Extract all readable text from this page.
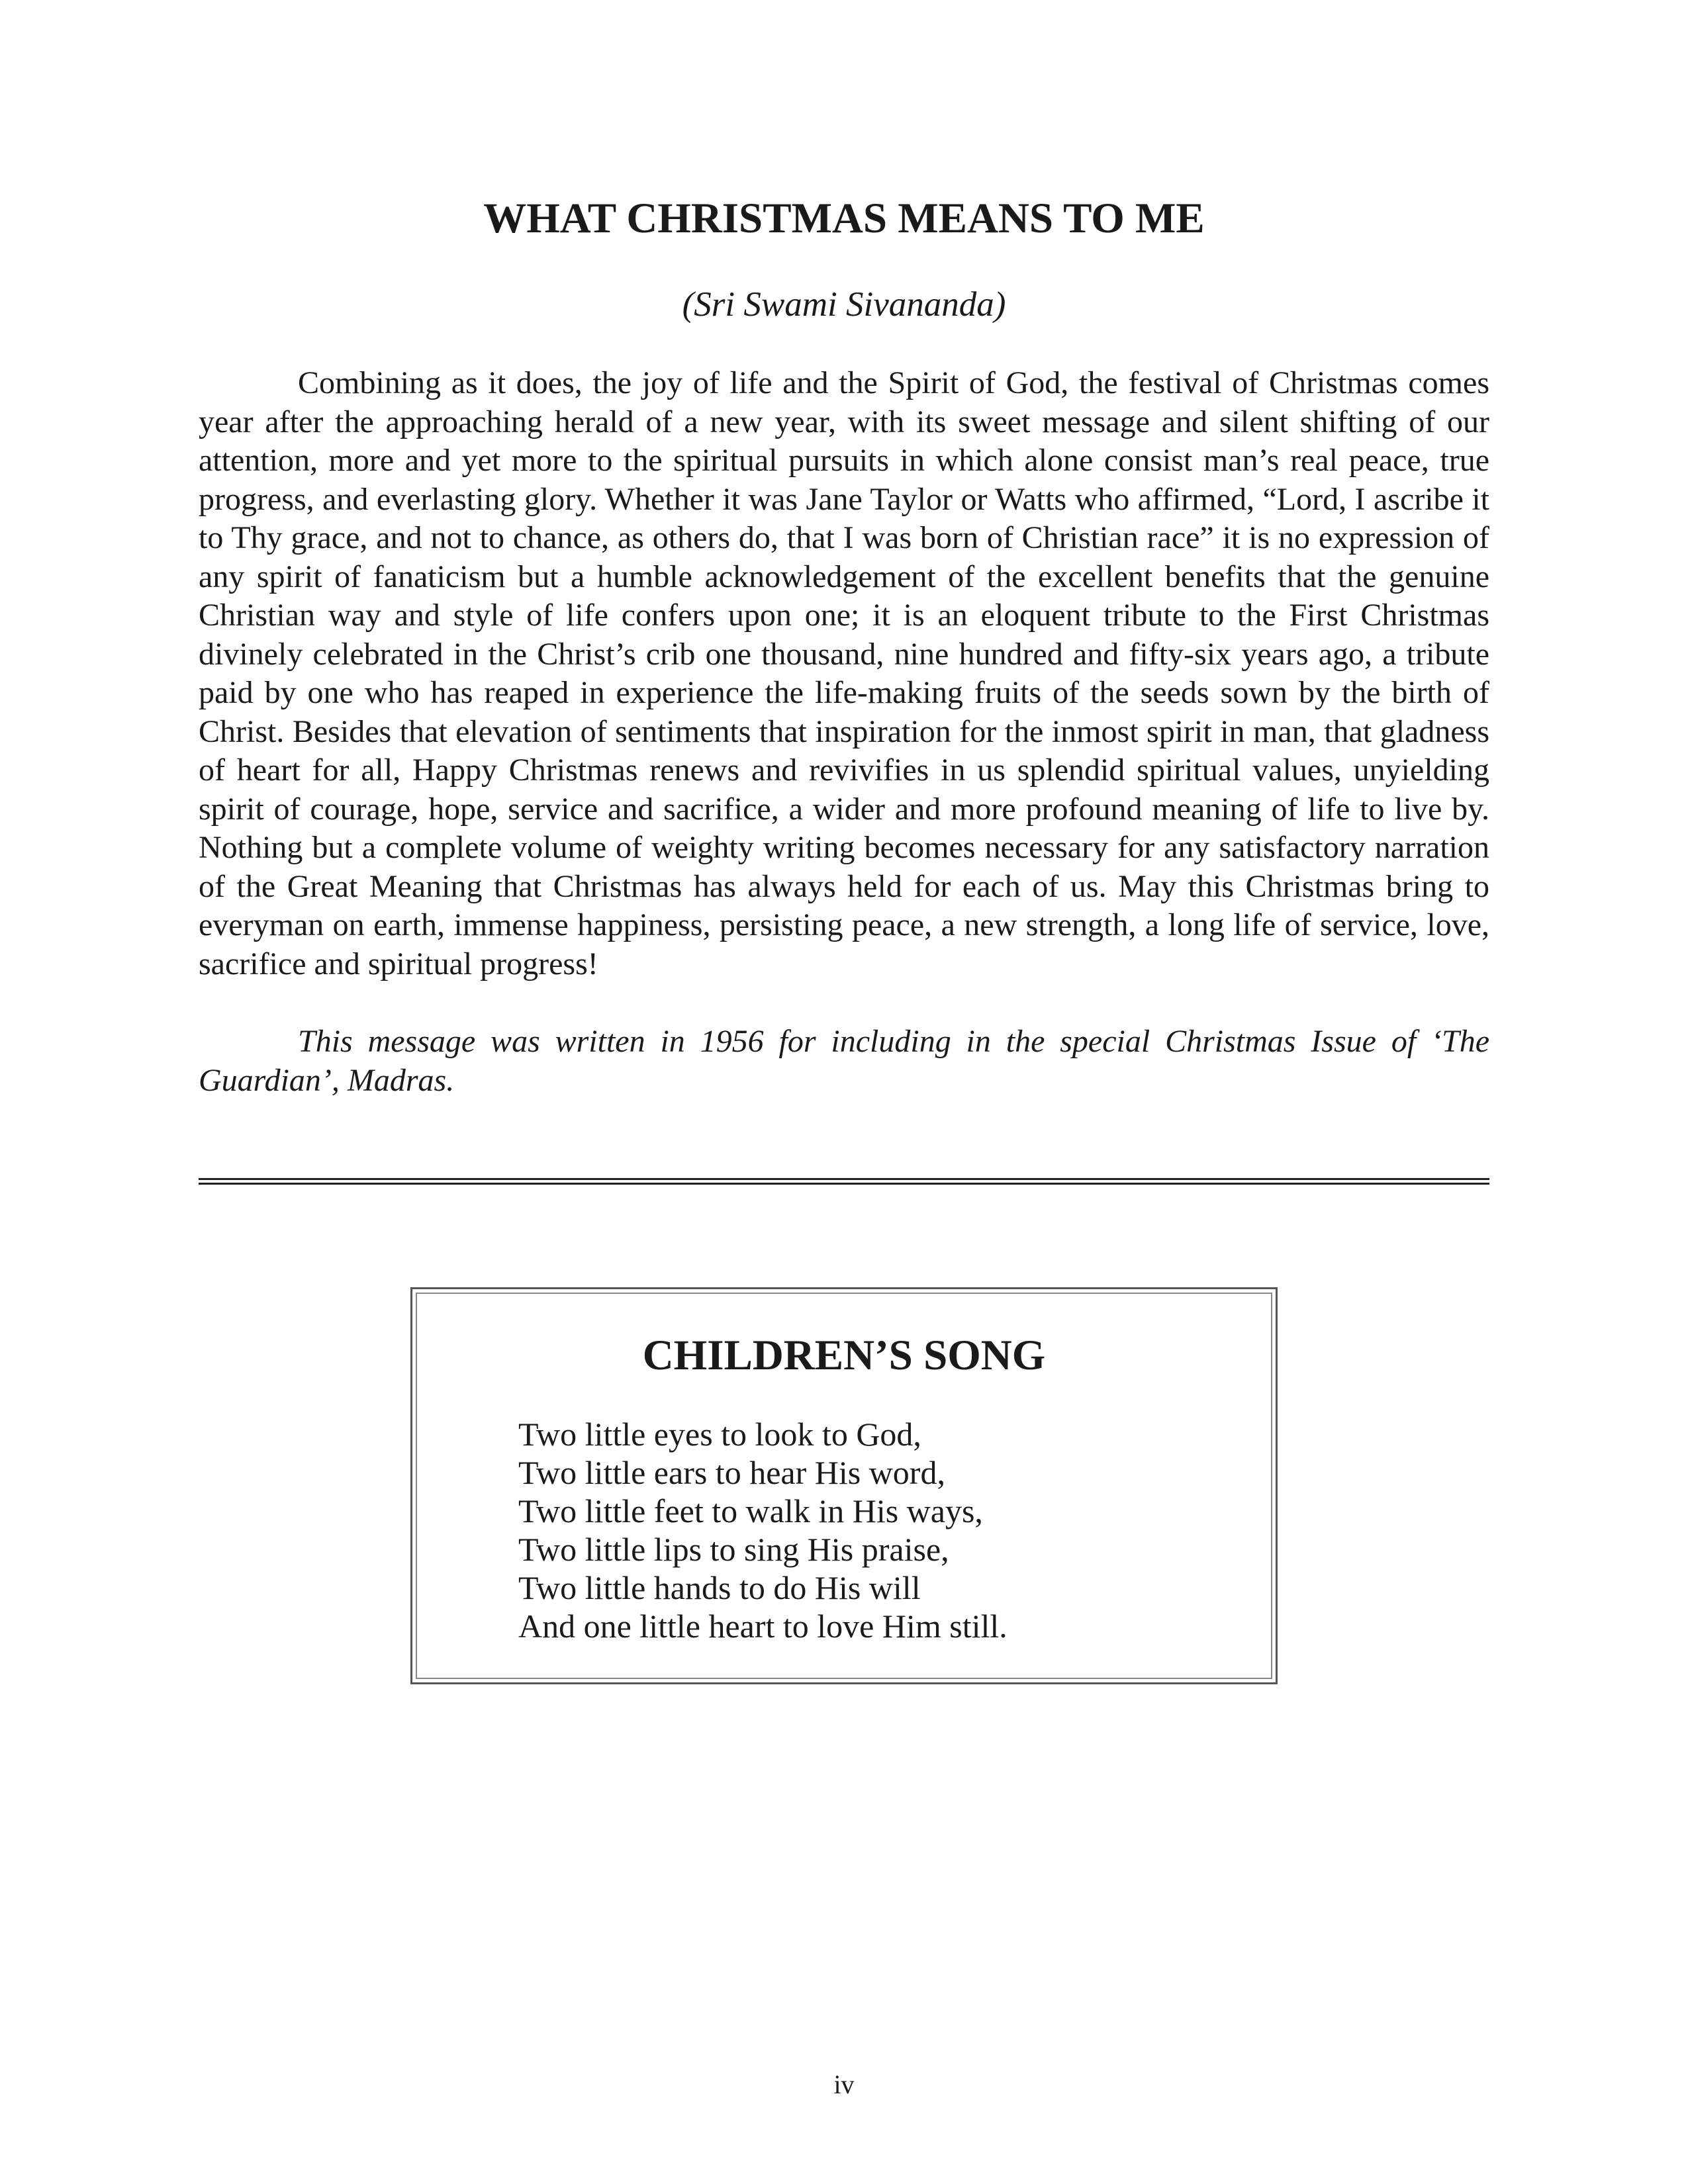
WHAT CHRISTMAS MEANS TO ME

(Sri Swami Sivananda)

Combining as it does, the joy of life and the Spirit of God, the festival of Christmas comes year after the approaching herald of a new year, with its sweet message and silent shifting of our attention, more and yet more to the spiritual pursuits in which alone consist man’s real peace, true progress, and everlasting glory. Whether it was Jane Taylor or Watts who affirmed, “Lord, I ascribe it to Thy grace, and not to chance, as others do, that I was born of Christian race” it is no expression of any spirit of fanaticism but a humble acknowledgement of the excellent benefits that the genuine Christian way and style of life confers upon one; it is an eloquent tribute to the First Christmas divinely celebrated in the Christ’s crib one thousand, nine hundred and fifty-six years ago, a tribute paid by one who has reaped in experience the life-making fruits of the seeds sown by the birth of Christ. Besides that elevation of sentiments that inspiration for the inmost spirit in man, that gladness of heart for all, Happy Christmas renews and revivifies in us splendid spiritual values, unyielding spirit of courage, hope, service and sacrifice, a wider and more profound meaning of life to live by. Nothing but a complete volume of weighty writing becomes necessary for any satisfactory narration of the Great Meaning that Christmas has always held for each of us. May this Christmas bring to everyman on earth, immense happiness, persisting peace, a new strength, a long life of service, love, sacrifice and spiritual progress!

This message was written in 1956 for including in the special Christmas Issue of ‘The Guardian’, Madras.

CHILDREN’S SONG
Two little eyes to look to God,
Two little ears to hear His word,
Two little feet to walk in His ways,
Two little lips to sing His praise,
Two little hands to do His will
And one little heart to love Him still.
iv
